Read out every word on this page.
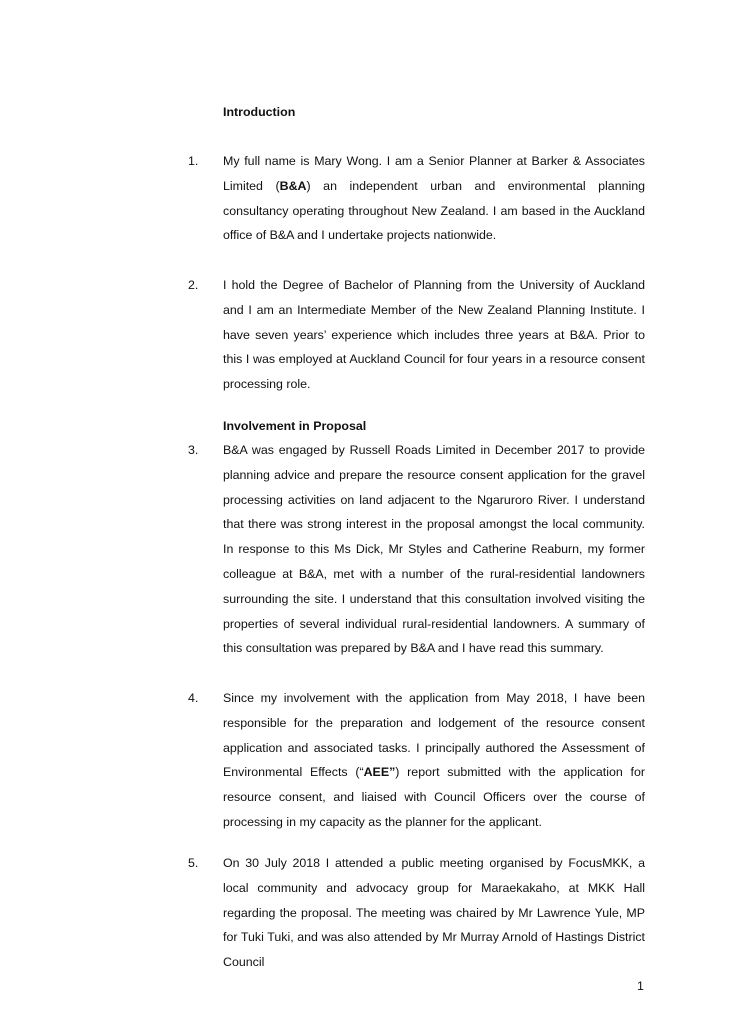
Introduction
1. My full name is Mary Wong. I am a Senior Planner at Barker & Associates Limited (B&A) an independent urban and environmental planning consultancy operating throughout New Zealand. I am based in the Auckland office of B&A and I undertake projects nationwide.
2. I hold the Degree of Bachelor of Planning from the University of Auckland and I am an Intermediate Member of the New Zealand Planning Institute. I have seven years’ experience which includes three years at B&A. Prior to this I was employed at Auckland Council for four years in a resource consent processing role.
Involvement in Proposal
3. B&A was engaged by Russell Roads Limited in December 2017 to provide planning advice and prepare the resource consent application for the gravel processing activities on land adjacent to the Ngaruroro River. I understand that there was strong interest in the proposal amongst the local community. In response to this Ms Dick, Mr Styles and Catherine Reaburn, my former colleague at B&A, met with a number of the rural-residential landowners surrounding the site. I understand that this consultation involved visiting the properties of several individual rural-residential landowners. A summary of this consultation was prepared by B&A and I have read this summary.
4. Since my involvement with the application from May 2018, I have been responsible for the preparation and lodgement of the resource consent application and associated tasks. I principally authored the Assessment of Environmental Effects (“AEE”) report submitted with the application for resource consent, and liaised with Council Officers over the course of processing in my capacity as the planner for the applicant.
5. On 30 July 2018 I attended a public meeting organised by FocusMKK, a local community and advocacy group for Maraekakaho, at MKK Hall regarding the proposal. The meeting was chaired by Mr Lawrence Yule, MP for Tuki Tuki, and was also attended by Mr Murray Arnold of Hastings District Council
1
